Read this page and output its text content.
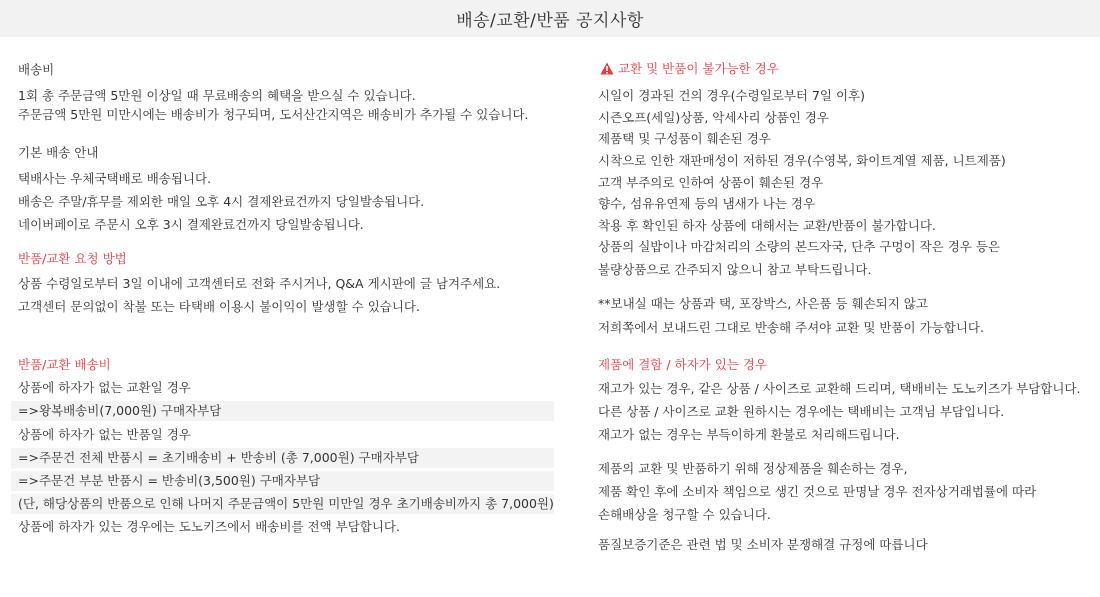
배송/교환/반품 공지사항
배송비
1회 총 주문금액 5만원 이상일 때 무료배송의 혜택을 받으실 수 있습니다.
주문금액 5만원 미만시에는 배송비가 청구되며, 도서산간지역은 배송비가 추가될 수 있습니다.
기본 배송 안내
택배사는 우체국택배로 배송됩니다.
배송은 주말/휴무를 제외한 매일 오후 4시 결제완료건까지 당일발송됩니다.
네이버페이로 주문시 오후 3시 결제완료건까지 당일발송됩니다.
반품/교환 요청 방법
상품 수령일로부터 3일 이내에 고객센터로 전화 주시거나, Q&A 게시판에 글 남겨주세요.
고객센터 문의없이 착불 또는 타택배 이용시 불이익이 발생할 수 있습니다.
반품/교환 배송비
상품에 하자가 없는 교환일 경우
=>왕복배송비(7,000원) 구매자부담
상품에 하자가 없는 반품일 경우
=>주문건 전체 반품시 = 초기배송비 + 반송비 (총 7,000원) 구매자부담
=>주문건 부분 반품시 = 반송비(3,500원) 구매자부담
(단, 해당상품의 반품으로 인해 나머지 주문금액이 5만원 미만일 경우 초기배송비까지 총 7,000원)
상품에 하자가 있는 경우에는 도노키즈에서 배송비를 전액 부담합니다.
교환 및 반품이 불가능한 경우
시일이 경과된 건의 경우(수령일로부터 7일 이후)
시즌오프(세일)상품, 악세사리 상품인 경우
제품택 및 구성품이 훼손된 경우
시착으로 인한 재판매성이 저하된 경우(수영복, 화이트계열 제품, 니트제품)
고객 부주의로 인하여 상품이 훼손된 경우
향수, 섬유유연제 등의 냄새가 나는 경우
착용 후 확인된 하자 상품에 대해서는 교환/반품이 불가합니다.
상품의 실밥이나 마감처리의 소량의 본드자국, 단추 구멍이 작은 경우 등은
불량상품으로 간주되지 않으니 참고 부탁드립니다.
**보내실 때는 상품과 택, 포장박스, 사은품 등 훼손되지 않고
저희쪽에서 보내드린 그대로 반송해 주셔야 교환 및 반품이 가능합니다.
제품에 결함 / 하자가 있는 경우
재고가 있는 경우, 같은 상품 / 사이즈로 교환해 드리며, 택배비는 도노키즈가 부담합니다.
다른 상품 / 사이즈로 교환 원하시는 경우에는 택배비는 고객님 부담입니다.
재고가 없는 경우는 부득이하게 환불로 처리해드립니다.
제품의 교환 및 반품하기 위해 정상제품을 훼손하는 경우,
제품 확인 후에 소비자 책임으로 생긴 것으로 판명날 경우 전자상거래법률에 따라
손해배상을 청구할 수 있습니다.
품질보증기준은 관련 법 및 소비자 분쟁해결 규정에 따릅니다
